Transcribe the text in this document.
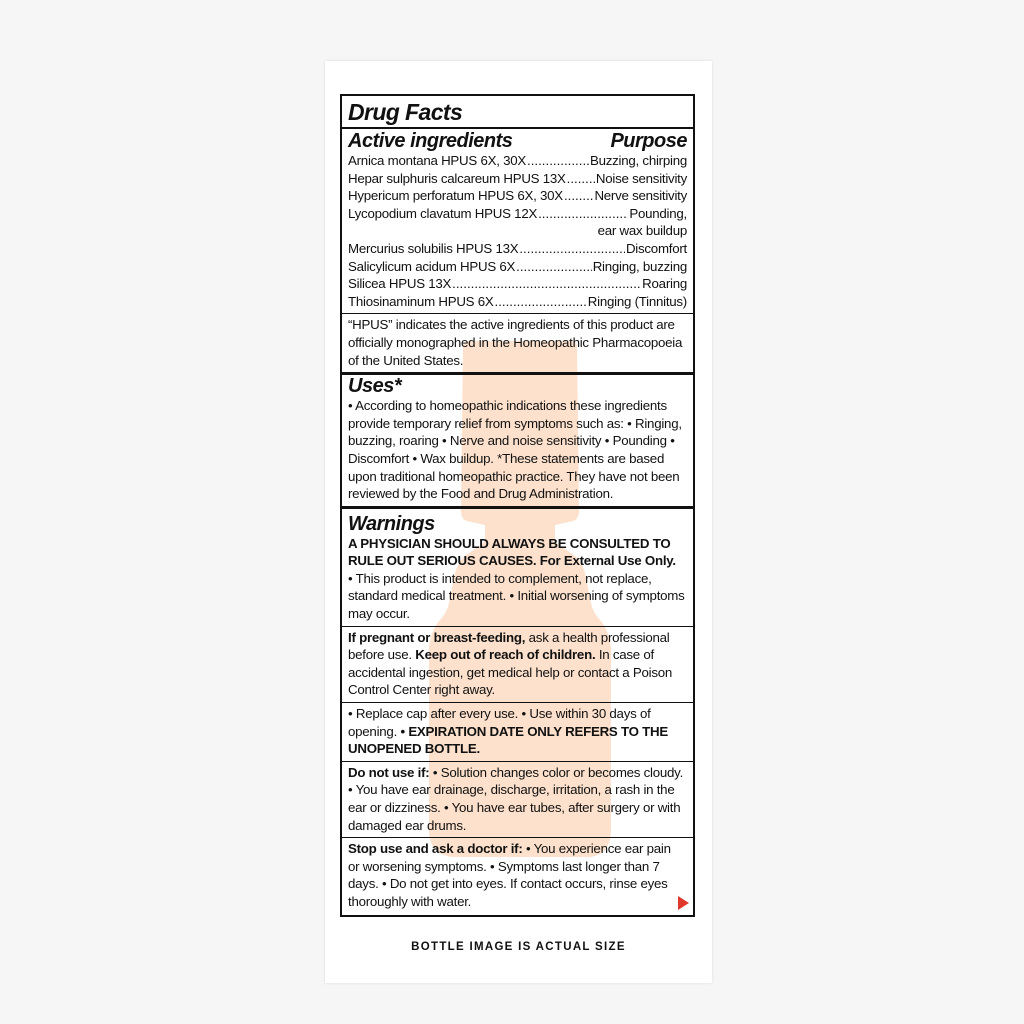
Drug Facts
Active ingredients	Purpose
Arnica montana HPUS 6X, 30X .....	Buzzing, chirping
Hepar sulphuris calcareum HPUS 13X ..... Noise sensitivity
Hypericum perforatum HPUS 6X, 30X ..... Nerve sensitivity
Lycopodium clavatum HPUS 12X .....	Pounding,
ear wax buildup
Mercurius solubilis HPUS 13X .....	Discomfort
Salicylicum acidum HPUS 6X .....	Ringing, buzzing
Silicea HPUS 13X .....	Roaring
Thiosinaminum HPUS 6X .....	Ringing (Tinnitus)

“HPUS” indicates the active ingredients of this product are officially monographed in the Homeopathic Pharmacopoeia of the United States.

Uses*

• According to homeopathic indications these ingredients provide temporary relief from symptoms such as: • Ringing, buzzing, roaring • Nerve and noise sensitivity • Pounding • Discomfort • Wax buildup. *These statements are based upon traditional homeopathic practice. They have not been reviewed by the Food and Drug Administration.

Warnings

A PHYSICIAN SHOULD ALWAYS BE CONSULTED TO RULE OUT SERIOUS CAUSES. For External Use Only.

• This product is intended to complement, not replace, standard medical treatment. • Initial worsening of symptoms may occur.

If pregnant or breast-feeding, ask a health professional before use. Keep out of reach of children. In case of accidental ingestion, get medical help or contact a Poison Control Center right away.

• Replace cap after every use. • Use within 30 days of opening. • EXPIRATION DATE ONLY REFERS TO THE UNOPENED BOTTLE.

Do not use if: • Solution changes color or becomes cloudy. • You have ear drainage, discharge, irritation, a rash in the ear or dizziness. • You have ear tubes, after surgery or with damaged ear drums.

Stop use and ask a doctor if: • You experience ear pain or worsening symptoms. • Symptoms last longer than 7 days. • Do not get into eyes. If contact occurs, rinse eyes thoroughly with water.

BOTTLE IMAGE IS ACTUAL SIZE
